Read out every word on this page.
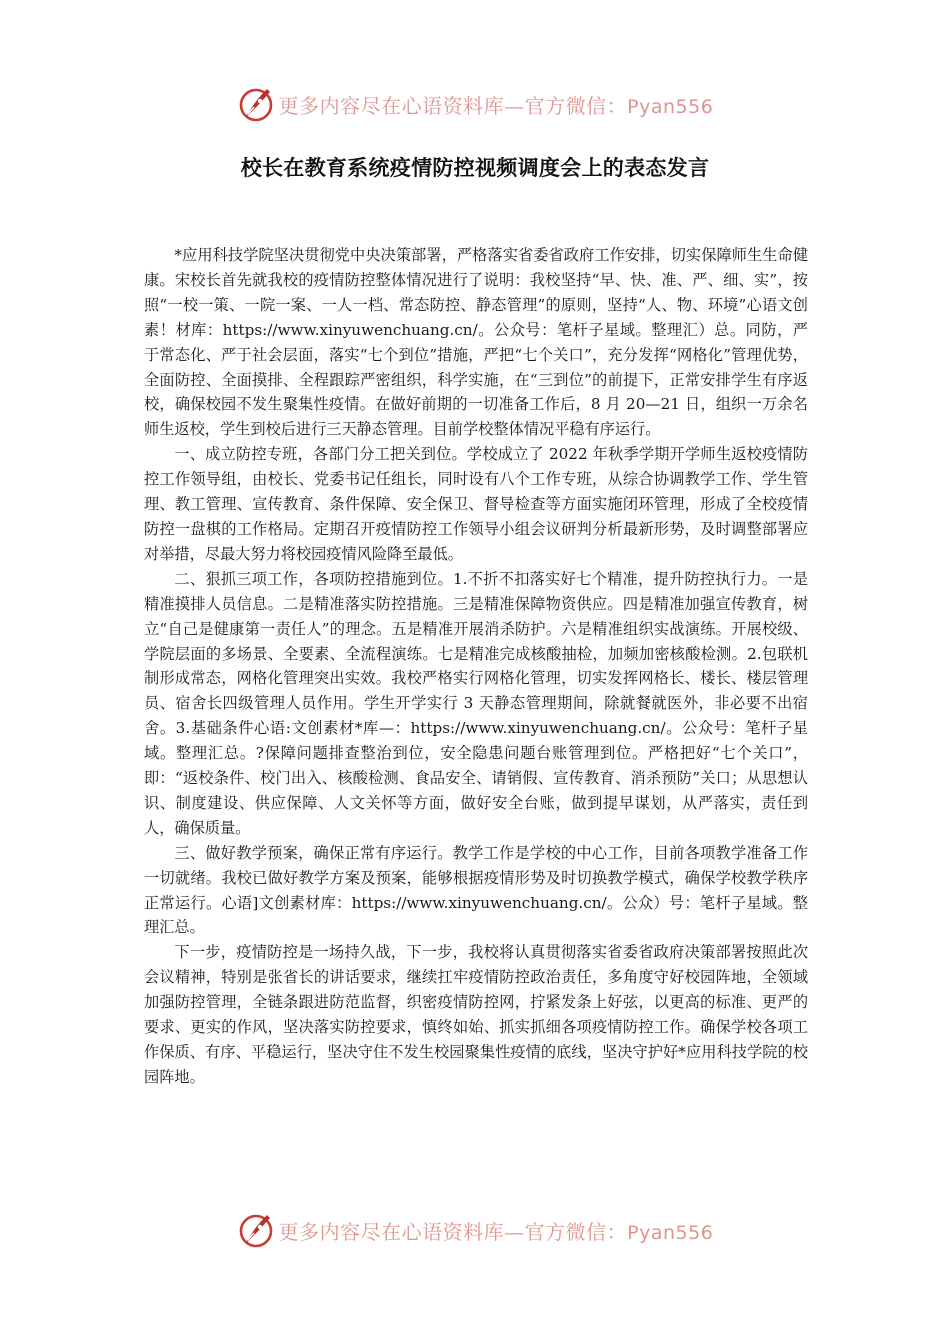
更多内容尽在心语资料库—官方微信：Pyan556
校长在教育系统疫情防控视频调度会上的表态发言

*应用科技学院坚决贯彻党中央决策部署，严格落实省委省政府工作安排，切实保障师生生命健康。宋校长首先就我校的疫情防控整体情况进行了说明：我校坚持“早、快、准、严、细、实”，按照“一校一策、一院一案、一人一档、常态防控、静态管理”的原则，坚持“人、物、环境”心语文创素！材库：https://www.xinyuwenchuang.cn/。公众号：笔杆子星域。整理汇）总。同防，严于常态化、严于社会层面，落实“七个到位”措施，严把“七个关口”，充分发挥“网格化”管理优势，全面防控、全面摸排、全程跟踪严密组织，科学实施，在“三到位”的前提下，正常安排学生有序返校，确保校园不发生聚集性疫情。在做好前期的一切准备工作后，8 月 20—21 日，组织一万余名师生返校，学生到校后进行三天静态管理。目前学校整体情况平稳有序运行。

一、成立防控专班，各部门分工把关到位。学校成立了 2022 年秋季学期开学师生返校疫情防控工作领导组，由校长、党委书记任组长，同时设有八个工作专班，从综合协调教学工作、学生管理、教工管理、宣传教育、条件保障、安全保卫、督导检查等方面实施闭环管理，形成了全校疫情防控一盘棋的工作格局。定期召开疫情防控工作领导小组会议研判分析最新形势，及时调整部署应对举措，尽最大努力将校园疫情风险降至最低。

二、狠抓三项工作，各项防控措施到位。1.不折不扣落实好七个精准，提升防控执行力。一是精准摸排人员信息。二是精准落实防控措施。三是精准保障物资供应。四是精准加强宣传教育，树立“自己是健康第一责任人”的理念。五是精准开展消杀防护。六是精准组织实战演练。开展校级、学院层面的多场景、全要素、全流程演练。七是精准完成核酸抽检，加频加密核酸检测。2.包联机制形成常态，网格化管理突出实效。我校严格实行网格化管理，切实发挥网格长、楼长、楼层管理员、宿舍长四级管理人员作用。学生开学实行 3 天静态管理期间，除就餐就医外，非必要不出宿舍。3.基础条件心语:文创素材*库—：https://www.xinyuwenchuang.cn/。公众号：笔杆子星域。整理汇总。?保障问题排查整治到位，安全隐患问题台账管理到位。严格把好“七个关口”，即：“返校条件、校门出入、核酸检测、食品安全、请销假、宣传教育、消杀预防”关口；从思想认识、制度建设、供应保障、人文关怀等方面，做好安全台账，做到提早谋划，从严落实，责任到人，确保质量。

三、做好教学预案，确保正常有序运行。教学工作是学校的中心工作，目前各项教学准备工作一切就绪。我校已做好教学方案及预案，能够根据疫情形势及时切换教学模式，确保学校教学秩序正常运行。心语]文创素材库：https://www.xinyuwenchuang.cn/。公众）号：笔杆子星域。整理汇总。

下一步，疫情防控是一场持久战，下一步，我校将认真贯彻落实省委省政府决策部署按照此次会议精神，特别是张省长的讲话要求，继续扛牢疫情防控政治责任，多角度守好校园阵地，全领域加强防控管理，全链条跟进防范监督，织密疫情防控网，拧紧发条上好弦，以更高的标准、更严的要求、更实的作风，坚决落实防控要求，慎终如始、抓实抓细各项疫情防控工作。确保学校各项工作保质、有序、平稳运行，坚决守住不发生校园聚集性疫情的底线，坚决守护好*应用科技学院的校园阵地。

更多内容尽在心语资料库—官方微信：Pyan556
